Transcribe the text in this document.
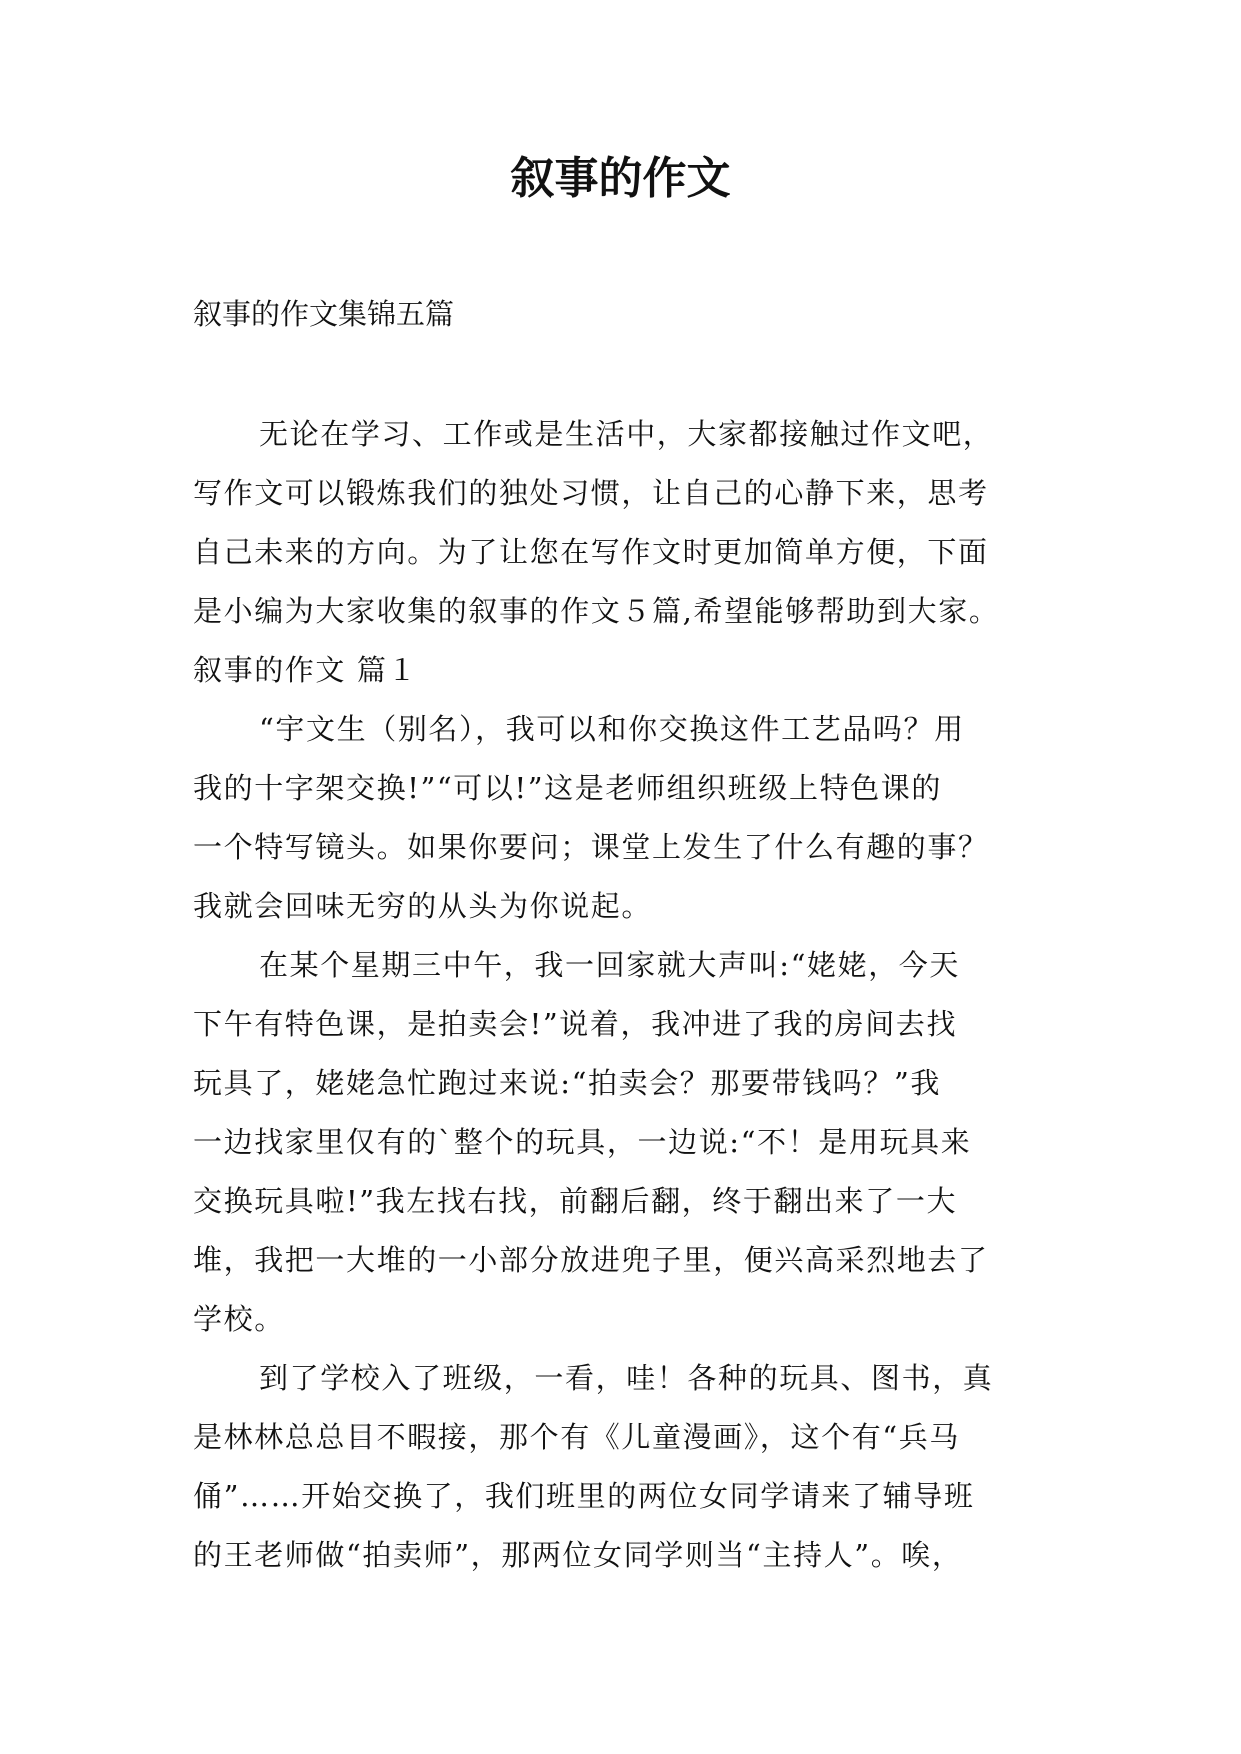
叙事的作文

叙事的作文集锦五篇

无论在学习、工作或是生活中，大家都接触过作文吧，

写作文可以锻炼我们的独处习惯，让自己的心静下来，思考

自己未来的方向。为了让您在写作文时更加简单方便，下面

是小编为大家收集的叙事的作文５篇,希望能够帮助到大家。

叙事的作文 篇１

“宇文生（别名），我可以和你交换这件工艺品吗？用

我的十字架交换!”“可以!”这是老师组织班级上特色课的

一个特写镜头。如果你要问；课堂上发生了什么有趣的事？

我就会回味无穷的从头为你说起。

在某个星期三中午，我一回家就大声叫:“姥姥，今天

下午有特色课，是拍卖会!”说着，我冲进了我的房间去找

玩具了，姥姥急忙跑过来说:“拍卖会？那要带钱吗？”我

一边找家里仅有的`整个的玩具，一边说:“不！是用玩具来

交换玩具啦!”我左找右找，前翻后翻，终于翻出来了一大

堆，我把一大堆的一小部分放进兜子里，便兴高采烈地去了

学校。

到了学校入了班级，一看，哇！各种的玩具、图书，真

是林林总总目不暇接，那个有《儿童漫画》，这个有“兵马

俑”……开始交换了，我们班里的两位女同学请来了辅导班

的王老师做“拍卖师”，那两位女同学则当“主持人”。唉，
